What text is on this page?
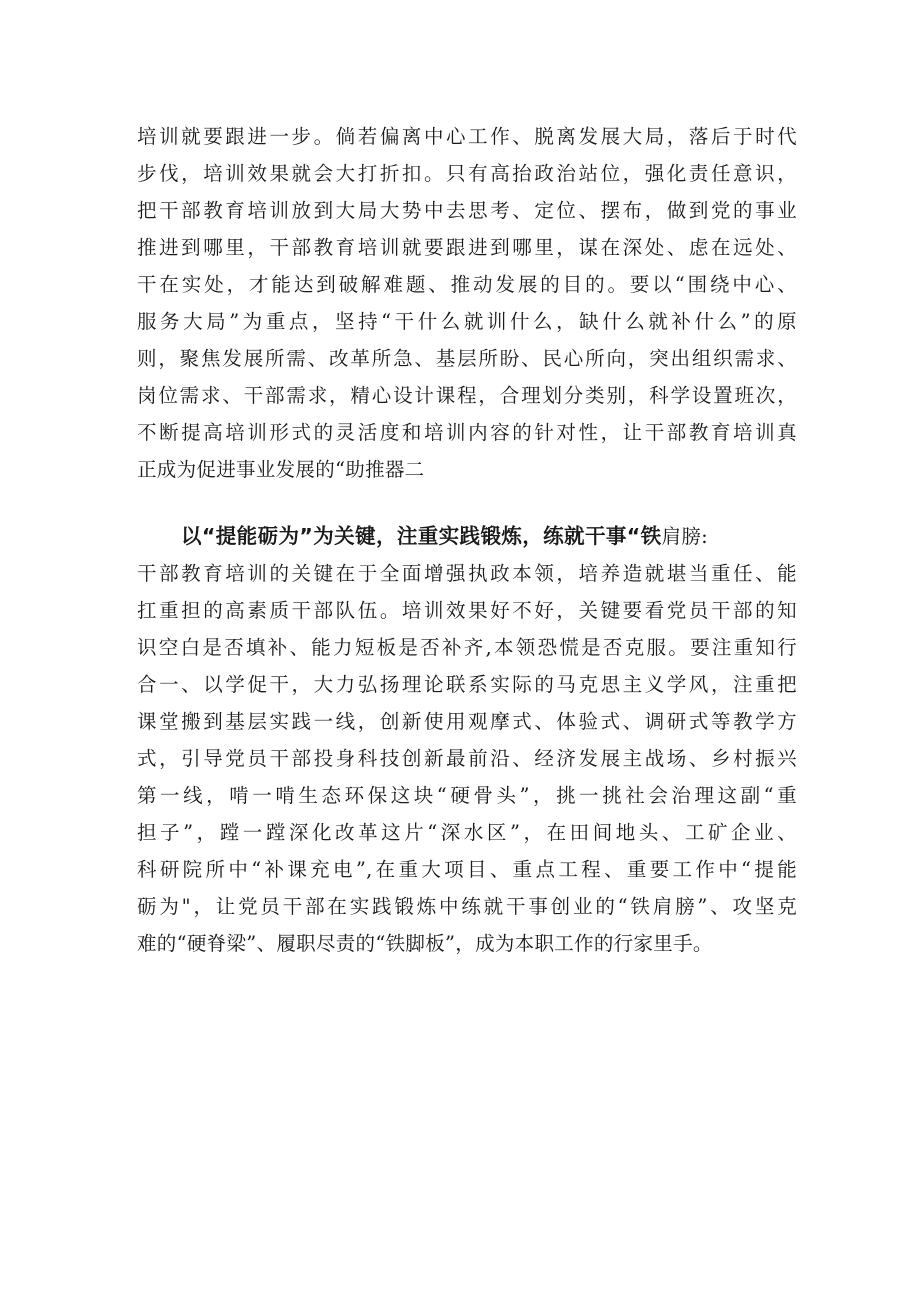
培训就要跟进一步。倘若偏离中心工作、脱离发展大局，落后于时代
步伐，培训效果就会大打折扣。只有高抬政治站位，强化责任意识，
把干部教育培训放到大局大势中去思考、定位、摆布，做到党的事业
推进到哪里，干部教育培训就要跟进到哪里，谋在深处、虑在远处、
干在实处，才能达到破解难题、推动发展的目的。要以“围绕中心、
服务大局”为重点，坚持“干什么就训什么，缺什么就补什么”的原
则，聚焦发展所需、改革所急、基层所盼、民心所向，突出组织需求、
岗位需求、干部需求，精心设计课程，合理划分类别，科学设置班次，
不断提高培训形式的灵活度和培训内容的针对性，让干部教育培训真
正成为促进事业发展的“助推器二
以“提能砺为”为关键，注重实践锻炼，练就干事“铁肩膀:
干部教育培训的关键在于全面增强执政本领，培养造就堪当重任、能
扛重担的高素质干部队伍。培训效果好不好，关键要看党员干部的知
识空白是否填补、能力短板是否补齐,本领恐慌是否克服。要注重知行
合一、以学促干，大力弘扬理论联系实际的马克思主义学风，注重把
课堂搬到基层实践一线，创新使用观摩式、体验式、调研式等教学方
式，引导党员干部投身科技创新最前沿、经济发展主战场、乡村振兴
第一线，啃一啃生态环保这块“硬骨头”，挑一挑社会治理这副“重
担子”，蹚一蹚深化改革这片“深水区”，在田间地头、工矿企业、
科研院所中“补课充电”,在重大项目、重点工程、重要工作中“提能
砺为"，让党员干部在实践锻炼中练就干事创业的“铁肩膀”、攻坚克
难的“硬脊梁”、履职尽责的“铁脚板”，成为本职工作的行家里手。
